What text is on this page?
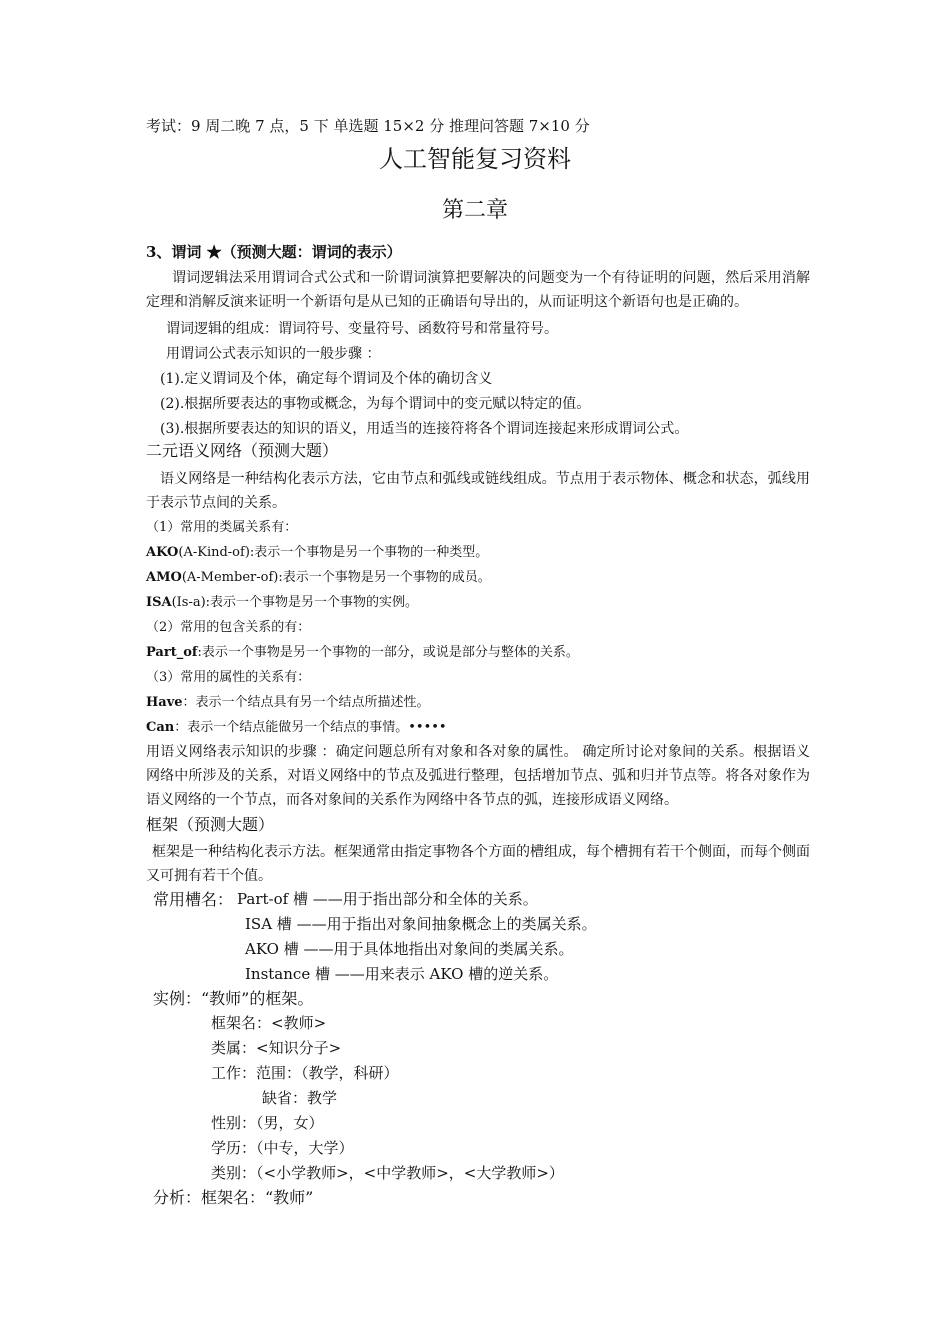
考试：9 周二晚 7 点，5 下 单选题 15×2 分 推理问答题 7×10 分
人工智能复习资料
第二章
3、谓词 ★（预测大题：谓词的表示）
谓词逻辑法采用谓词合式公式和一阶谓词演算把要解决的问题变为一个有待证明的问题，然后采用消解定理和消解反演来证明一个新语句是从已知的正确语句导出的，从而证明这个新语句也是正确的。
谓词逻辑的组成：谓词符号、变量符号、函数符号和常量符号。
用谓词公式表示知识的一般步骤 ：
(1).定义谓词及个体，确定每个谓词及个体的确切含义
(2).根据所要表达的事物或概念，为每个谓词中的变元赋以特定的值。
(3).根据所要表达的知识的语义，用适当的连接符将各个谓词连接起来形成谓词公式。
二元语义网络（预测大题）
语义网络是一种结构化表示方法，它由节点和弧线或链线组成。节点用于表示物体、概念和状态，弧线用于表示节点间的关系。
（1）常用的类属关系有：
AKO(A-Kind-of):表示一个事物是另一个事物的一种类型。
AMO(A-Member-of):表示一个事物是另一个事物的成员。
ISA(Is-a):表示一个事物是另一个事物的实例。
（2）常用的包含关系的有：
Part_of:表示一个事物是另一个事物的一部分，或说是部分与整体的关系。
（3）常用的属性的关系有：
Have：表示一个结点具有另一个结点所描述性。
Can：表示一个结点能做另一个结点的事情。•••••
用语义网络表示知识的步骤 ：确定问题总所有对象和各对象的属性。 确定所讨论对象间的关系。根据语义网络中所涉及的关系，对语义网络中的节点及弧进行整理，包括增加节点、弧和归并节点等。将各对象作为语义网络的一个节点，而各对象间的关系作为网络中各节点的弧，连接形成语义网络。
框架（预测大题）
框架是一种结构化表示方法。框架通常由指定事物各个方面的槽组成，每个槽拥有若干个侧面，而每个侧面又可拥有若干个值。
常用槽名： Part-of 槽 ——用于指出部分和全体的关系。
ISA 槽 ——用于指出对象间抽象概念上的类属关系。
AKO 槽 ——用于具体地指出对象间的类属关系。
Instance 槽 ——用来表示 AKO 槽的逆关系。
实例：“教师”的框架。
框架名：<教师>
类属：<知识分子>
工作：范围：（教学，科研）
缺省：教学
性别：（男，女）
学历：（中专，大学）
类别：（<小学教师>，<中学教师>，<大学教师>）
分析：框架名：“教师”
